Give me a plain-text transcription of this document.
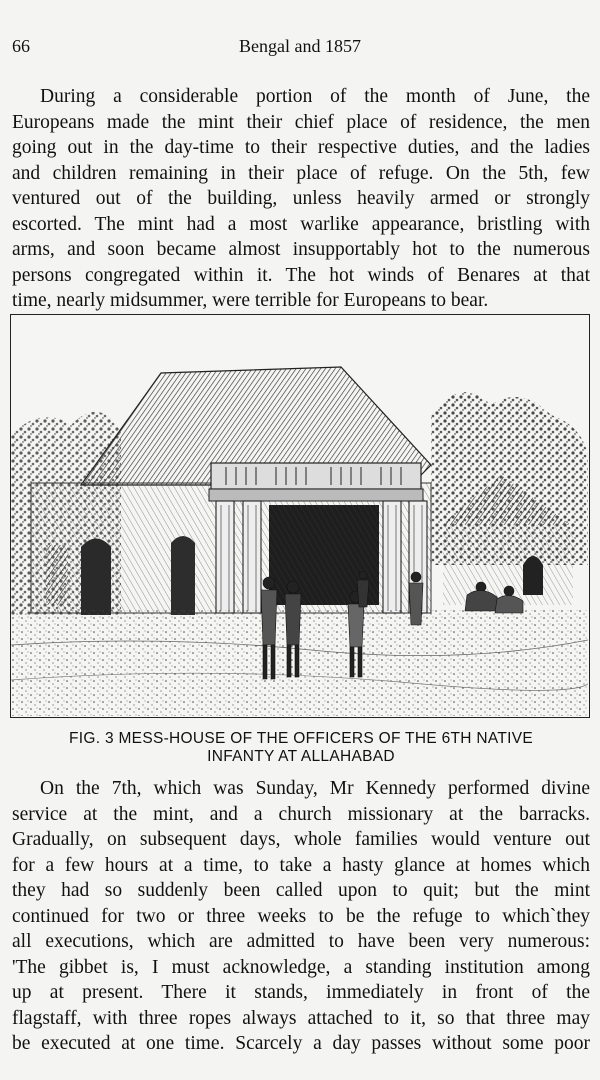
66	Bengal and 1857
During a considerable portion of the month of June, the
Europeans made the mint their chief place of residence, the men
going out in the day-time to their respective duties, and the ladies
and children remaining in their place of refuge. On the 5th, few
ventured out of the building, unless heavily armed or strongly
escorted. The mint had a most warlike appearance, bristling with
arms, and soon became almost insupportably hot to the numerous
persons congregated within it. The hot winds of Benares at that
time, nearly midsummer, were terrible for Europeans to bear.
FIG. 3 MESS-HOUSE OF THE OFFICERS OF THE 6TH NATIVE
INFANTY AT ALLAHABAD
On the 7th, which was Sunday, Mr Kennedy performed divine
service at the mint, and a church missionary at the barracks.
Gradually, on subsequent days, whole families would venture out
for a few hours at a time, to take a hasty glance at homes which
they had so suddenly been called upon to quit; but the mint
continued for two or three weeks to be the refuge to which`they
all executions, which are admitted to have been very numerous:
'The gibbet is, I must acknowledge, a standing institution among
up at present. There it stands, immediately in front of the
flagstaff, with three ropes always attached to it, so that three may
be executed at one time. Scarcely a day passes without some poor
